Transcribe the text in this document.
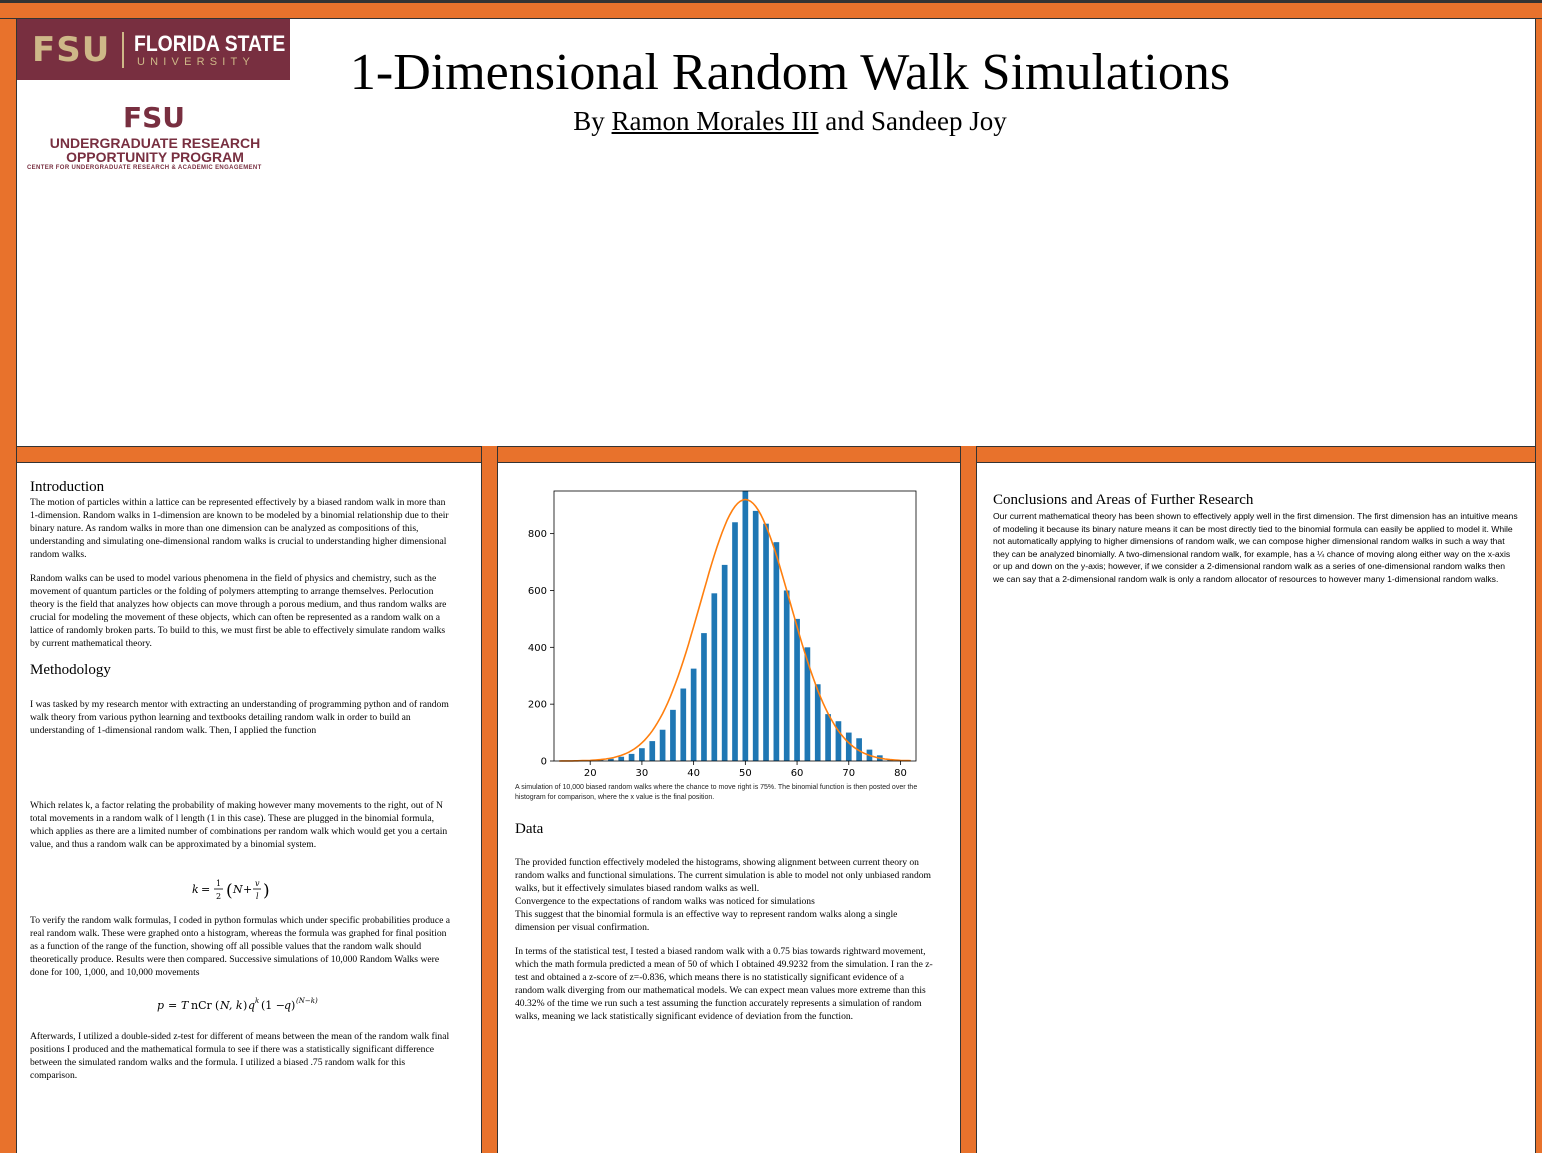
FSU FLORIDA STATE
UNIVERSITY
FSU
UNDERGRADUATE RESEARCH
OPPORTUNITY PROGRAM
CENTER FOR UNDERGRADUATE RESEARCH & ACADEMIC ENGAGEMENT
1-Dimensional Random Walk Simulations
By Ramon Morales III and Sandeep Joy
Introduction
The motion of particles within a lattice can be represented effectively by a biased random walk in more than 1-dimension. Random walks in 1-dimension are known to be modeled by a binomial relationship due to their binary nature. As random walks in more than one dimension can be analyzed as compositions of this, understanding and simulating one-dimensional random walks is crucial to understanding higher dimensional random walks.
Random walks can be used to model various phenomena in the field of physics and chemistry, such as the movement of quantum particles or the folding of polymers attempting to arrange themselves. Perlocution theory is the field that analyzes how objects can move through a porous medium, and thus random walks are crucial for modeling the movement of these objects, which can often be represented as a random walk on a lattice of randomly broken parts. To build to this, we must first be able to effectively simulate random walks by current mathematical theory.
Methodology
I was tasked by my research mentor with extracting an understanding of programming python and of random walk theory from various python learning and textbooks detailing random walk in order to build an understanding of 1-dimensional random walk. Then, I applied the function
Which relates k, a factor relating the probability of making however many movements to the right, out of N total movements in a random walk of l length (1 in this case). These are plugged in the binomial formula, which applies as there are a limited number of combinations per random walk which would get you a certain value, and thus a random walk can be approximated by a binomial system.
k = 1
2 ( N + v
l )
To verify the random walk formulas, I coded in python formulas which under specific probabilities produce a real random walk. These were graphed onto a histogram, whereas the formula was graphed for final position as a function of the range of the function, showing off all possible values that the random walk should theoretically produce. Results were then compared. Successive simulations of 10,000 Random Walks were done for 100, 1,000, and 10,000 movements
p = T nCr ( N, k ) q k (1 −
q ) (N−k)
Afterwards, I utilized a double-sided z-test for different of means between the mean of the random walk final positions I produced and the mathematical formula to see if there was a statistically significant difference between the simulated random walks and the formula. I utilized a biased .75 random walk for this comparison.
20	30	40	50	60	70	80
0
200
400
600
800
A simulation of 10,000 biased random walks where the chance to move right is 75%. The binomial function is then posted over the histogram for comparison, where the x value is the final position.
Data
The provided function effectively modeled the histograms, showing alignment between current theory on random walks and functional simulations. The current simulation is able to model not only unbiased random walks, but it effectively simulates biased random walks as well.
Convergence to the expectations of random walks was noticed for simulations
This suggest that the binomial formula is an effective way to represent random walks along a single dimension per visual confirmation.
In terms of the statistical test, I tested a biased random walk with a 0.75 bias towards rightward movement, which the math formula predicted a mean of 50 of which I obtained 49.9232 from the simulation. I ran the z-test and obtained a z-score of z=-0.836, which means there is no statistically significant evidence of a random walk diverging from our mathematical models. We can expect mean values more extreme than this 40.32% of the time we run such a test assuming the function accurately represents a simulation of random walks, meaning we lack statistically significant evidence of deviation from the function.
Conclusions and Areas of Further Research
Our current mathematical theory has been shown to effectively apply well in the first dimension. The first dimension has an intuitive means of modeling it because its binary nature means it can be most directly tied to the binomial formula can easily be applied to model it. While not automatically applying to higher dimensions of random walk, we can compose higher dimensional random walks in such a way that they can be analyzed binomially. A two-dimensional random walk, for example, has a ¼ chance of moving along either way on the x-axis or up and down on the y-axis; however, if we consider a 2-dimensional random walk as a series of one-dimensional random walks then we can say that a 2-dimensional random walk is only a random allocator of resources to however many 1-dimensional random walks.
